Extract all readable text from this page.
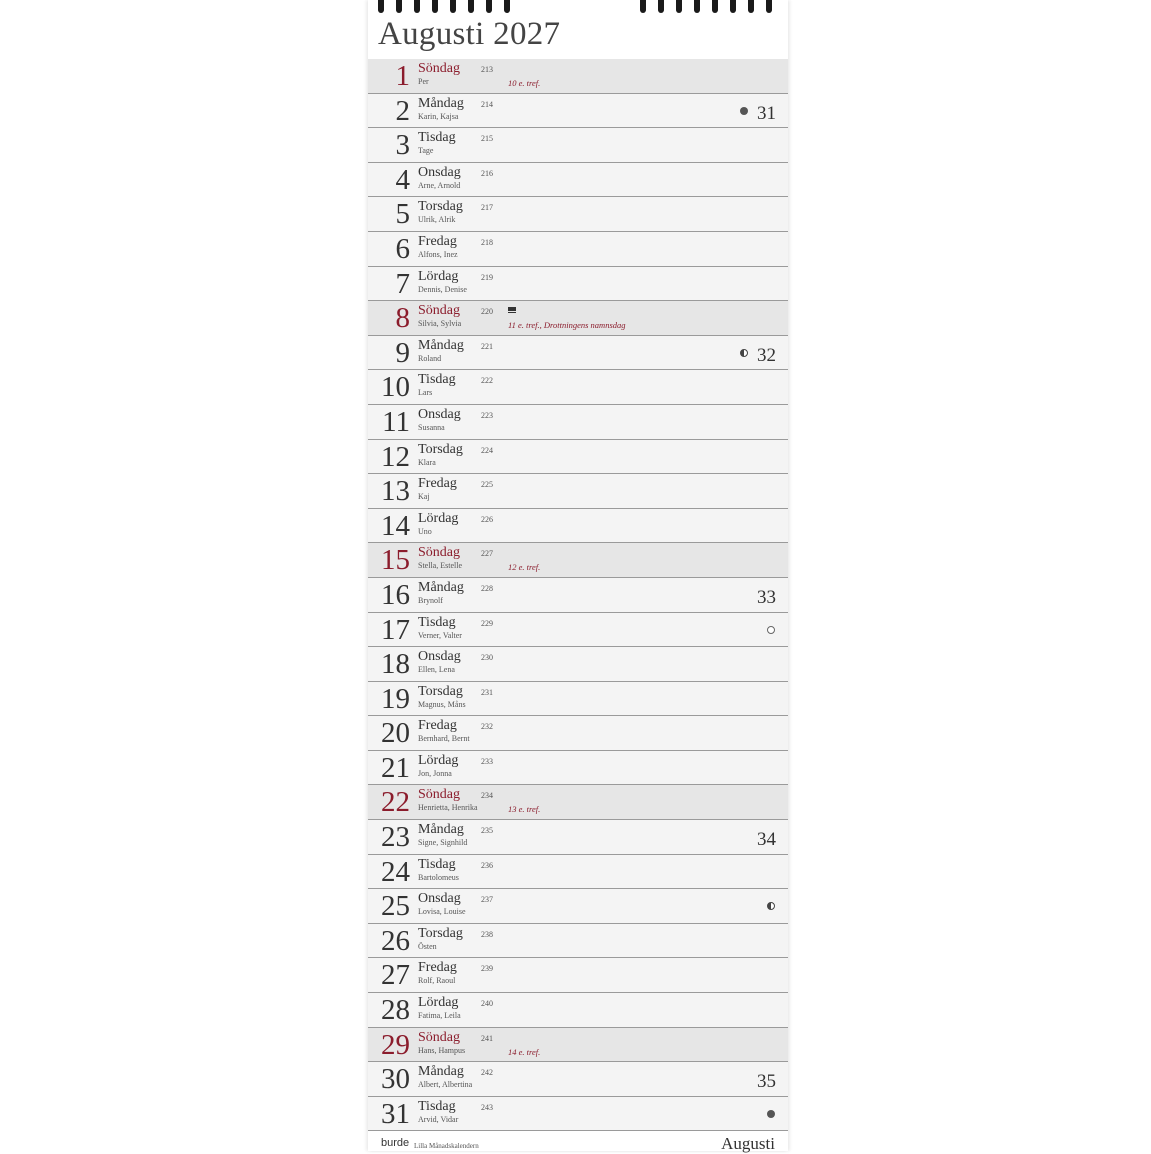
Augusti 2027
1 Söndag
Per
213
10 e. tref.
2 Måndag
Karin, Kajsa
214	31
3 Tisdag
Tage
215
4 Onsdag
Arne, Arnold
216
5 Torsdag
Ulrik, Alrik
217
6 Fredag
Alfons, Inez
218
7 Lördag
Dennis, Denise
219
8 Söndag
Silvia, Sylvia
220
11 e. tref., Drottningens namnsdag
9 Måndag
Roland
221	32
10 Tisdag
Lars
222
11 Onsdag
Susanna
223
12 Torsdag
Klara
224
13 Fredag
Kaj
225
14 Lördag
Uno
226
15 Söndag
Stella, Estelle
227
12 e. tref.
16 Måndag
Brynolf
228	33
17 Tisdag
Verner, Valter
229
18 Onsdag
Ellen, Lena
230
19 Torsdag
Magnus, Måns
231
20 Fredag
Bernhard, Bernt
232
21 Lördag
Jon, Jonna
233
22 Söndag
Henrietta, Henrika
234
13 e. tref.
23 Måndag
Signe, Signhild
235	34
24 Tisdag
Bartolomeus
236
25 Onsdag
Lovisa, Louise
237
26 Torsdag
Östen
238
27 Fredag
Rolf, Raoul
239
28 Lördag
Fatima, Leila
240
29 Söndag
Hans, Hampus
241
14 e. tref.
30 Måndag
Albert, Albertina
242	35
31 Tisdag
Arvid, Vidar
243
burde Lilla Månadskalendern	Augusti
